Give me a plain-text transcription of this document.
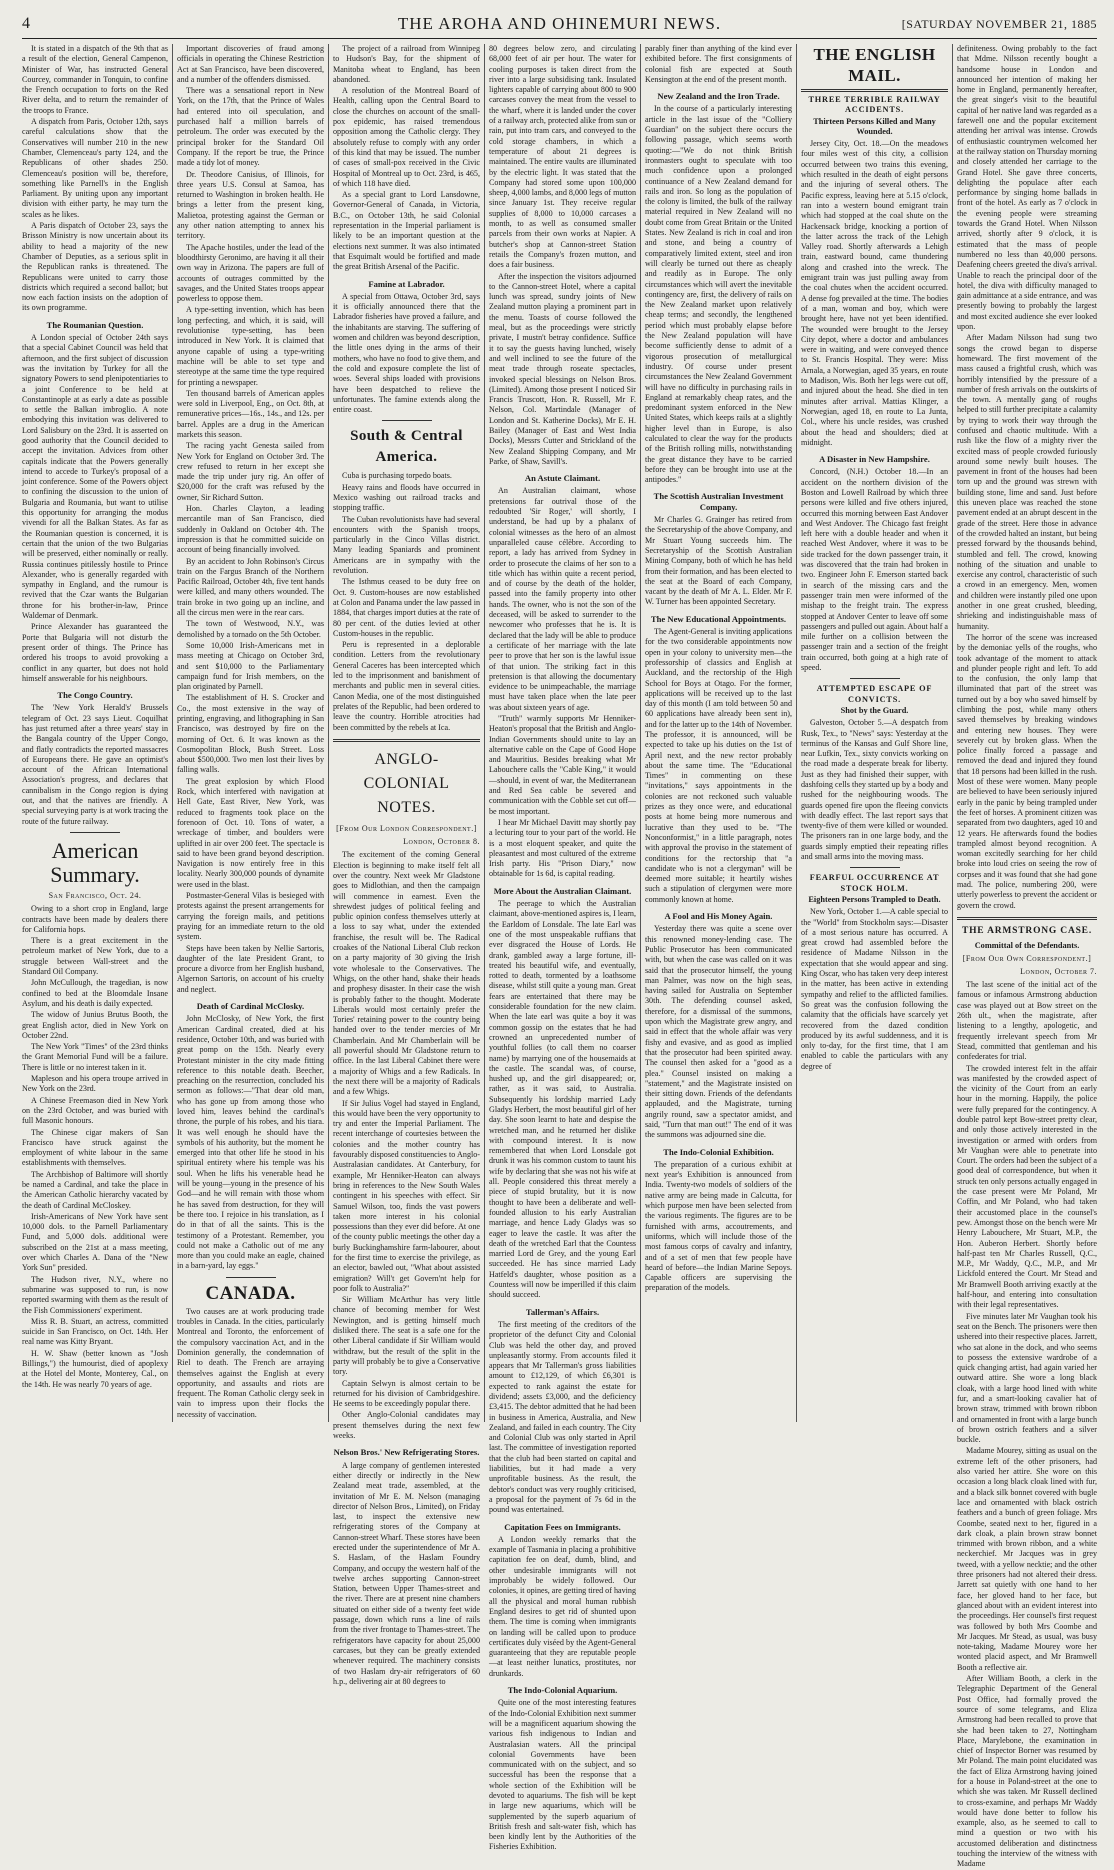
4	THE AROHA AND OHINEMURI NEWS.	[SATURDAY NOVEMBER 21, 1885

It is stated in a dispatch of the 9th that as a result of the election, General Campenon, Minister of War, has instructed General Courcey, commander in Tonquin, to confine the French occupation to forts on the Red River delta, and to return the remainder of the troops to France.

A dispatch from Paris, October 12th, says careful calculations show that the Conservatives will number 210 in the new Chamber, Clemenceau's party 124, and the Republicans of other shades 250. Clemenceau's position will be, therefore, something like Parnell's in the English Parliament. By uniting upon any important division with either party, he may turn the scales as he likes.

A Paris dispatch of October 23, says the Brisson Ministry is now uncertain about its ability to head a majority of the new Chamber of Deputies, as a serious split in the Republican ranks is threatened. The Republicans were united to carry those districts which required a second ballot; but now each faction insists on the adoption of its own programme.

The Roumanian Question.

A London special of October 24th says that a special Cabinet Council was held that afternoon, and the first subject of discussion was the invitation by Turkey for all the signatory Powers to send plenipotentiaries to a joint Conference to be held at Constantinople at as early a date as possible to settle the Balkan imbroglio. A note embodying this invitation was delivered to Lord Salisbury on the 23rd. It is asserted on good authority that the Council decided to accept the invitation. Advices from other capitals indicate that the Powers generally intend to accede to Turkey's proposal of a joint conference. Some of the Powers object to confining the discussion to the union of Bulgaria and Roumania, but want to utilise this opportunity for arranging the modus vivendi for all the Balkan States. As far as the Roumanian question is concerned, it is certain that the union of the two Bulgarias will be preserved, either nominally or really. Russia continues pitilessly hostile to Prince Alexander, who is generally regarded with sympathy in England, and the rumour is revived that the Czar wants the Bulgarian throne for his brother-in-law, Prince Waldemar of Denmark.

Prince Alexander has guaranteed the Porte that Bulgaria will not disturb the present order of things. The Prince has ordered his troops to avoid provoking a conflict in any quarter, but does not hold himself answerable for his neighbours.

The Congo Country.

The 'New York Herald's' Brussels telegram of Oct. 23 says Lieut. Coquilhat has just returned after a three years' stay in the Bangala country of the Upper Congo, and flatly contradicts the reported massacres of Europeans there. He gave an optimist's account of the African International Association's progress, and declares that cannibalism in the Congo region is dying out, and that the natives are friendly. A special surveying party is at work tracing the route of the future railway.

American Summary.
San Francisco, Oct. 24.

Owing to a short crop in England, large contracts have been made by dealers there for California hops.

There is a great excitement in the petroleum market of New York, due to a struggle between Wall-street and the Standard Oil Company.

John McCullough, the tragedian, is now confined to bed at the Bloomdale Insane Asylum, and his death is daily expected.

The widow of Junius Brutus Booth, the great English actor, died in New York on October 22nd.

The New York "Times" of the 23rd thinks the Grant Memorial Fund will be a failure. There is little or no interest taken in it.

Mapleson and his opera troupe arrived in New York on the 23rd.

A Chinese Freemason died in New York on the 23rd October, and was buried with full Masonic honours.

The Chinese cigar makers of San Francisco have struck against the employment of white labour in the same establishments with themselves.

The Archbishop of Baltimore will shortly be named a Cardinal, and take the place in the American Catholic hierarchy vacated by the death of Cardinal McCloskey.

Irish-Americans of New York have sent 10,000 dols. to the Parnell Parliamentary Fund, and 5,000 dols. additional were subscribed on the 21st at a mass meeting, over which Charles A. Dana of the "New York Sun" presided.

The Hudson river, N.Y., where no submarine was supposed to run, is now reported swarming with them as the result of the Fish Commissioners' experiment.

Miss R. B. Stuart, an actress, committed suicide in San Francisco, on Oct. 14th. Her real name was Kitty Bryant.

H. W. Shaw (better known as "Josh Billings,") the humourist, died of apoplexy at the Hotel del Monte, Monterey, Cal., on the 14th. He was nearly 70 years of age.

Important discoveries of fraud among officials in operating the Chinese Restriction Act at San Francisco, have been discovered, and a number of the offenders dismissed.

There was a sensational report in New York, on the 17th, that the Prince of Wales had entered into oil speculation, and purchased half a million barrels of petroleum. The order was executed by the principal broker for the Standard Oil Company. If the report be true, the Prince made a tidy lot of money.

Dr. Theodore Canisius, of Illinois, for three years U.S. Consul at Samoa, has returned to Washington in broken health. He brings a letter from the present king, Malietoa, protesting against the German or any other nation attempting to annex his territory.

The Apache hostiles, under the lead of the bloodthirsty Geronimo, are having it all their own way in Arizona. The papers are full of accounts of outrages committed by the savages, and the United States troops appear powerless to oppose them.

A type-setting invention, which has been long perfecting, and which, it is said, will revolutionise type-setting, has been introduced in New York. It is claimed that anyone capable of using a type-writing machine will be able to set type and stereotype at the same time the type required for printing a newspaper.

Ten thousand barrels of American apples were sold in Liverpool, Eng., on Oct. 8th, at remunerative prices—16s., 14s., and 12s. per barrel. Apples are a drug in the American markets this season.

The racing yacht Genesta sailed from New York for England on October 3rd. The crew refused to return in her except she made the trip under jury rig. An offer of $20,000 for the craft was refused by the owner, Sir Richard Sutton.

Hon. Charles Clayton, a leading mercantile man of San Francisco, died suddenly in Oakland on October 4th. The impression is that he committed suicide on account of being financially involved.

By an accident to John Robinson's Circus train on the Fargus Branch of the Northern Pacific Railroad, October 4th, five tent hands were killed, and many others wounded. The train broke in two going up an incline, and all the circus men were in the rear cars.

The town of Westwood, N.Y., was demolished by a tornado on the 5th October.

Some 10,000 Irish-Americans met in mass meeting at Chicago on October 3rd, and sent $10,000 to the Parliamentary campaign fund for Irish members, on the plan originated by Parnell.

The establishment of H. S. Crocker and Co., the most extensive in the way of printing, engraving, and lithographing in San Francisco, was destroyed by fire on the morning of Oct. 6. It was known as the Cosmopolitan Block, Bush Street. Loss about $500,000. Two men lost their lives by falling walls.

The great explosion by which Flood Rock, which interfered with navigation at Hell Gate, East River, New York, was reduced to fragments took place on the forenoon of Oct. 10. Tons of water, a wreckage of timber, and boulders were uplifted in air over 200 feet. The spectacle is said to have been grand beyond description. Navigation is now entirely free in this locality. Nearly 300,000 pounds of dynamite were used in the blast.

Postmaster-General Vilas is besieged with protests against the present arrangements for carrying the foreign mails, and petitions praying for an immediate return to the old system.

Steps have been taken by Nellie Sartoris, daughter of the late President Grant, to procure a divorce from her English husband, Algernon Sartoris, on account of his cruelty and neglect.

Death of Cardinal McClosky.

John McClosky, of New York, the first American Cardinal created, died at his residence, October 10th, and was buried with great pomp on the 15th. Nearly every Protestant minister in the city made fitting reference to this notable death. Beecher, preaching on the resurrection, concluded his sermon as follows:—"That dear old man, who has gone up from among those who loved him, leaves behind the cardinal's throne, the purple of his robes, and his tiara. It was well enough he should have the symbols of his authority, but the moment he emerged into that other life he stood in his spiritual entirety where his temple was his soul. When he lifts his venerable head he will be young—young in the presence of his God—and he will remain with those whom he has saved from destruction, for they will be there too. I rejoice in his translation, as I do in that of all the saints. This is the testimony of a Protestant. Remember, you could not make a Catholic out of me any more than you could make an eagle, chained in a barn-yard, lay eggs."

CANADA.

Two causes are at work producing trade troubles in Canada. In the cities, particularly Montreal and Toronto, the enforcement of the compulsory vaccination Act, and in the Dominion generally, the condemnation of Riel to death. The French are arraying themselves against the English at every opportunity, and assaults and riots are frequent. The Roman Catholic clergy seek in vain to impress upon their flocks the necessity of vaccination.

The project of a railroad from Winnipeg to Hudson's Bay, for the shipment of Manitoba wheat to England, has been abandoned.

A resolution of the Montreal Board of Health, calling upon the Central Board to close the churches on account of the small-pox epidemic, has raised tremendous opposition among the Catholic clergy. They absolutely refuse to comply with any order of this kind that may be issued. The number of cases of small-pox received in the Civic Hospital of Montreal up to Oct. 23rd, is 465, of which 118 have died.

As a special grant to Lord Lansdowne, Governor-General of Canada, in Victoria, B.C., on October 13th, he said Colonial representation in the Imperial parliament is likely to be an important question at the elections next summer. It was also intimated that Esquimalt would be fortified and made the great British Arsenal of the Pacific.

Famine at Labrador.

A special from Ottawa, October 3rd, says it is officially announced there that the Labrador fisheries have proved a failure, and the inhabitants are starving. The suffering of women and children was beyond description, the little ones dying in the arms of their mothers, who have no food to give them, and the cold and exposure complete the list of woes. Several ships loaded with provisions have been despatched to relieve the unfortunates. The famine extends along the entire coast.

South & Central America.

Cuba is purchasing torpedo boats.

Heavy rains and floods have occurred in Mexico washing out railroad tracks and stopping traffic.

The Cuban revolutionists have had several encounters with the Spanish troops, particularly in the Cinco Villas district. Many leading Spaniards and prominent Americans are in sympathy with the revolution.

The Isthmus ceased to be duty free on Oct. 9. Custom-houses are now established at Colon and Panama under the law passed in 1884, that charges import duties at the rate of 80 per cent. of the duties levied at other Custom-houses in the republic.

Peru is represented in a deplorable condition. Letters from the revolutionary General Caceres has been intercepted which led to the imprisonment and banishment of merchants and public men in several cities. Canon Media, one of the most distinguished prelates of the Republic, had been ordered to leave the country. Horrible atrocities had been committed by the rebels at Ica.

ANGLO-COLONIAL NOTES.
[From Our London Correspondent.]
London, October 8.

The excitement of the coming General Election is beginning to make itself felt all over the country. Next week Mr Gladstone goes to Midlothian, and then the campaign will commence in earnest. Even the shrewdest judges of political feeling and public opinion confess themselves utterly at a loss to say what, under the extended franchise, the result will be. The Radical croakes of the National Liberal Club reckon on a party majority of 30 giving the Irish vote wholesale to the Conservatives. The Whigs, on the other hand, shake their heads and prophesy disaster. In their case the wish is probably father to the thought. Moderate Liberals would most certainly prefer the Tories' retaining power to the country being handed over to the tender mercies of Mr Chamberlain. And Mr Chamberlain will be all powerful should Mr Gladstone return to office. In the last Liberal Cabinet there were a majority of Whigs and a few Radicals. In the next there will be a majority of Radicals and a few Whigs.

If Sir Julius Vogel had stayed in England, this would have been the very opportunity to try and enter the Imperial Parliament. The recent interchange of courtesies between the colonies and the mother country has favourably disposed constituencies to Anglo-Australasian candidates. At Canterbury, for example, Mr Henniker-Heaton can always bring in references to the New South Wales contingent in his speeches with effect. Sir Samuel Wilson, too, finds the vast powers taken more interest in his colonial possessions than they ever did before. At one of the county public meetings the other day a burly Buckinghamshire farm-labourer, about for the first time to exercise the privilege, as an elector, bawled out, "What about assisted emigration? Will't get Govern'nt help for poor folk to Australia?"

Sir William McArthur has very little chance of becoming member for West Newington, and is getting himself much disliked there. The seat is a safe one for the other Liberal candidate if Sir William would withdraw, but the result of the split in the party will probably be to give a Conservative tory.

Captain Selwyn is almost certain to be returned for his division of Cambridgeshire. He seems to be exceedingly popular there.

Other Anglo-Colonial candidates may present themselves during the next few weeks.

Nelson Bros.' New Refrigerating Stores.

A large company of gentlemen interested either directly or indirectly in the New Zealand meat trade, assembled, at the invitation of Mr E. M. Nelson (managing director of Nelson Bros., Limited), on Friday last, to inspect the extensive new refrigerating stores of the Company at Cannon-street Wharf. These stores have been erected under the superintendence of Mr A. S. Haslam, of the Haslam Foundry Company, and occupy the western half of the twelve arches supporting Cannon-street Station, between Upper Thames-street and the river. There are at present nine chambers situated on either side of a twenty feet wide passage, down which runs a line of rails from the river frontage to Thames-street. The refrigerators have capacity for about 25,000 carcases, but they can be greatly extended whenever required. The machinery consists of two Haslam dry-air refrigerators of 60 h.p., delivering air at 80 degrees to

80 degrees below zero, and circulating 68,000 feet of air per hour. The water for cooling purposes is taken direct from the river into a large subsidising tank. Insulated lighters capable of carrying about 800 to 900 carcases convey the meat from the vessel to the wharf, where it is landed under the cover of a railway arch, protected alike from sun or rain, put into tram cars, and conveyed to the cold storage chambers, in which a temperature of about 21 degrees is maintained. The entire vaults are illuminated by the electric light. It was stated that the Company had stored some upon 100,000 sheep, 4,000 lambs, and 8,000 legs of mutton since January 1st. They receive regular supplies of 8,000 to 10,000 carcases a month, to as well as consumed smaller parcels from their own works at Napier. A butcher's shop at Cannon-street Station retails the Company's frozen mutton, and does a fair business.

After the inspection the visitors adjourned to the Cannon-street Hotel, where a capital lunch was spread, sundry joints of New Zealand mutton playing a prominent part in the menu. Toasts of course followed the meal, but as the proceedings were strictly private, I mustn't betray confidence. Suffice it to say the guests having lunched, wisely and well inclined to see the future of the meat trade through roseate spectacles, invoked special blessings on Nelson Bros. (Limited). Among those present I noticed Sir Francis Truscott, Hon. R. Russell, Mr F. Nelson, Col. Martindale (Manager of London and St. Katherine Docks), Mr E. H. Bailey (Manager of East and West India Docks), Messrs Cutter and Strickland of the New Zealand Shipping Company, and Mr Parke, of Shaw, Savill's.

An Astute Claimant.

An Australian claimant, whose pretensions far outrival those of the redoubted 'Sir Roger,' will shortly, I understand, be had up by a phalanx of colonial witnesses as the hero of an almost unparalleled cause célèbre. According to report, a lady has arrived from Sydney in order to prosecute the claims of her son to a title which has within quite a recent period, and of course by the death of the holder, passed into the family property into other hands. The owner, who is not the son of the deceased, will be asked to surrender to the newcomer who professes that he is. It is declared that the lady will be able to produce a certificate of her marriage with the late peer to prove that her son is the lawful issue of that union. The striking fact in this pretension is that allowing the documentary evidence to be unimpeachable, the marriage must have taken place when the late peer was about sixteen years of age.

"Truth" warmly supports Mr Henniker-Heaton's proposal that the British and Anglo-Indian Governments should unite to lay an alternative cable on the Cape of Good Hope and Mauritius. Besides breaking what Mr Labouchere calls the "Cable King," it would—should, in event of war, the Mediterranean and Red Sea cable be severed and communication with the Cobble set cut off—be most important.

I hear Mr Michael Davitt may shortly pay a lecturing tour to your part of the world. He is a most eloquent speaker, and quite the pleasantest and most cultured of the extreme Irish party. His "Prison Diary," now obtainable for 1s 6d, is capital reading.

More About the Australian Claimant.

The peerage to which the Australian claimant, above-mentioned aspires is, I learn, the Earldom of Lonsdale. The late Earl was one of the most unspeakable ruffians that ever disgraced the House of Lords. He drank, gambled away a large fortune, ill-treated his beautiful wife, and eventually, rotted to death, tormented by a loathsome disease, whilst still quite a young man. Great fears are entertained that there may be considerable foundation for the new claim. When the late earl was quite a boy it was common gossip on the estates that he had crowned an unprecedented number of youthful follies (to call them no coarser name) by marrying one of the housemaids at the castle. The scandal was, of course, hushed up, and the girl disappeared; or, rather, as it was said, to Australia. Subsequently his lordship married Lady Gladys Herbert, the most beautiful girl of her day. She soon learnt to hate and despise the wretched man, and he returned her dislike with compound interest. It is now remembered that when Lord Lonsdale got drunk it was his common custom to taunt his wife by declaring that she was not his wife at all. People considered this threat merely a piece of stupid brutality, but it is now thought to have been a deliberate and well-founded allusion to his early Australian marriage, and hence Lady Gladys was so eager to leave the castle. It was after the death of the wretched Earl that the Countess married Lord de Grey, and the young Earl succeeded. He has since married Lady Hatfeld's daughter, whose position as a Countess will now be imperilled if this claim should succeed.

Tallerman's Affairs.

The first meeting of the creditors of the proprietor of the defunct City and Colonial Club was held the other day, and proved unpleasantly stormy. From accounts filed it appears that Mr Tallerman's gross liabilities amount to £12,129, of which £6,301 is expected to rank against the estate for dividend; assets £3,000, and the deficiency £3,415. The debtor admitted that he had been in business in America, Australia, and New Zealand, and failed in each country. The City and Colonial Club was only started in April last. The committee of investigation reported that the club had been started on capital and liabilities, but it had made a very unprofitable business. As the result, the debtor's conduct was very roughly criticised, a proposal for the payment of 7s 6d in the pound was entertained.

Capitation Fees on Immigrants.

A London weekly remarks that the example of Tasmania in placing a prohibitive capitation fee on deaf, dumb, blind, and other undesirable immigrants will not improbably be widely followed. Our colonies, it opines, are getting tired of having all the physical and moral human rubbish England desires to get rid of shunted upon them. The time is coming when immigrants on landing will be called upon to produce certificates duly viséed by the Agent-General guaranteeing that they are reputable people—at least neither lunatics, prostitutes, nor drunkards.

The Indo-Colonial Aquarium.

Quite one of the most interesting features of the Indo-Colonial Exhibition next summer will be a magnificent aquarium showing the various fish indigenous to Indian and Australasian waters. All the principal colonial Governments have been communicated with on the subject, and so successful has been the response that a whole section of the Exhibition will be devoted to aquariums. The fish will be kept in large new aquariums, which will be supplemented by the superb aquarium of British fresh and salt-water fish, which has been kindly lent by the Authorities of the Fisheries Exhibition.

parably finer than anything of the kind ever exhibited before. The first consignments of colonial fish are expected at South Kensington at the end of the present month.

New Zealand and the Iron Trade.

In the course of a particularly interesting article in the last issue of the "Colliery Guardian" on the subject there occurs the following passage, which seems worth quoting:—"We do not think British ironmasters ought to speculate with too much confidence upon a prolonged continuance of a New Zealand demand for rails and iron. So long as the population of the colony is limited, the bulk of the railway material required in New Zealand will no doubt come from Great Britain or the United States. New Zealand is rich in coal and iron and stone, and being a country of comparatively limited extent, steel and iron will clearly be turned out there as cheaply and readily as in Europe. The only circumstances which will avert the inevitable contingency are, first, the delivery of rails on the New Zealand market upon relatively cheap terms; and secondly, the lengthened period which must probably elapse before the New Zealand population will have become sufficiently dense to admit of a vigorous prosecution of metallurgical industry. Of course under present circumstances the New Zealand Government will have no difficulty in purchasing rails in England at remarkably cheap rates, and the predominant system enforced in the New United States, which keeps rails at a slightly higher level than in Europe, is also calculated to clear the way for the products of the British rolling mills, notwithstanding the great distance they have to be carried before they can be brought into use at the antipodes."

The Scottish Australian Investment Company.

Mr Charles G. Grainger has retired from the Secretaryship of the above Company, and Mr Stuart Young succeeds him. The Secretaryship of the Scottish Australian Mining Company, both of which he has held from their formation, and has been elected to the seat at the Board of each Company, vacant by the death of Mr A. L. Elder. Mr F. W. Turner has been appointed Secretary.

The New Educational Appointments.

The Agent-General is inviting applications for the two considerable appointments now open in your colony to university men—the professorship of classics and English at Auckland, and the rectorship of the High School for Boys at Otago. For the former, applications will be received up to the last day of this month (I am told between 50 and 60 applications have already been sent in), and for the latter up to the 14th of November. The professor, it is announced, will be expected to take up his duties on the 1st of April next, and the new rector probably about the same time. The "Educational Times" in commenting on these "invitations," says appointments in the colonies are not reckoned such valuable prizes as they once were, and educational posts at home being more numerous and lucrative than they used to be. "The Nonconformist," in a little paragraph, notes with approval the proviso in the statement of conditions for the rectorship that "a candidate who is not a clergyman" will be deemed more suitable; it heartily wishes such a stipulation of clergymen were more commonly known at home.

A Fool and His Money Again.

Yesterday there was quite a scene over this renowned money-lending case. The Public Prosecutor has been communicated with, but when the case was called on it was said that the prosecutor himself, the young man Palmer, was now on the high seas, having sailed for Australia on September 30th. The defending counsel asked, therefore, for a dismissal of the summons, upon which the Magistrate grew angry, and said in effect that the whole affair was very fishy and evasive, and as good as implied that the prosecutor had been spirited away. The counsel then asked for a "good as a plea." Counsel insisted on making a "statement," and the Magistrate insisted on their sitting down. Friends of the defendants applauded, and the Magistrate, turning angrily round, saw a spectator amidst, and said, "Turn that man out!" The end of it was the summons was adjourned sine die.

The Indo-Colonial Exhibition.

The preparation of a curious exhibit at next year's Exhibition is announced from India. Twenty-two models of soldiers of the native army are being made in Calcutta, for which purpose men have been selected from the various regiments. The figures are to be furnished with arms, accoutrements, and uniforms, which will include those of the most famous corps of cavalry and infantry, and of a set of men that few people have heard of before—the Indian Marine Sepoys. Capable officers are supervising the preparation of the models.

THE ENGLISH MAIL.
THREE TERRIBLE RAILWAY ACCIDENTS.
Thirteen Persons Killed and Many Wounded.

Jersey City, Oct. 18.—On the meadows four miles west of this city, a collision occurred between two trains this evening, which resulted in the death of eight persons and the injuring of several others. The Pacific express, leaving here at 5.15 o'clock, ran into a western bound emigrant train which had stopped at the coal shute on the Hackensack bridge, knocking a portion of the latter across the track of the Lehigh Valley road. Shortly afterwards a Lehigh train, eastward bound, came thundering along and crashed into the wreck. The emigrant train was just pulling away from the coal chutes when the accident occurred. A dense fog prevailed at the time. The bodies of a man, woman and boy, which were brought here, have not yet been identified. The wounded were brought to the Jersey City depot, where a doctor and ambulances were in waiting, and were conveyed thence to St. Francis Hospital. They were: Miss Arnala, a Norwegian, aged 35 years, en route to Madison, Wis. Both her legs were cut off, and injured about the head. She died in ten minutes after arrival. Mattias Klinger, a Norwegian, aged 18, en route to La Junta, Col., where his uncle resides, was crushed about the head and shoulders; died at midnight.

A Disaster in New Hampshire.

Concord, (N.H.) October 18.—In an accident on the northern division of the Boston and Lowell Railroad by which three persons were killed and five others injured, occurred this morning between East Andover and West Andover. The Chicago fast freight left here with a double header and when it reached West Andover, where it was to be side tracked for the down passenger train, it was discovered that the train had broken in two. Engineer John F. Emerson started back in search of the missing cars and the passenger train men were informed of the mishap to the freight train. The express stopped at Andover Center to leave off some passengers and pulled out again. About half a mile further on a collision between the passenger train and a section of the freight train occurred, both going at a high rate of speed.

ATTEMPTED ESCAPE OF CONVICTS.
Shot by the Guard.

Galveston, October 5.—A despatch from Rusk, Tex., to "News" says: Yesterday at the terminus of the Kansas and Gulf Shore line, near Lufkin, Tex., sixty convicts working on the road made a desperate break for liberty. Just as they had finished their supper, with dashfoing cells they started up by a body and rushed for the neighbouring woods. The guards opened fire upon the fleeing convicts with deadly effect. The last report says that twenty-five of them were killed or wounded. The prisoners ran in one large body, and the guards simply emptied their repeating rifles and small arms into the moving mass.

FEARFUL OCCURRENCE AT STOCK HOLM.
Eighteen Persons Trampled to Death.

New York, October 1.—A cable special to the "World" from Stockholm says:—Disaster of a most serious nature has occurred. A great crowd had assembled before the residence of Madame Nilsson in the expectation that she would appear and sing. King Oscar, who has taken very deep interest in the matter, has been active in extending sympathy and relief to the afflicted families. So great was the confusion following the calamity that the officials have scarcely yet recovered from the dazed condition produced by its awful suddenness, and it is only to-day, for the first time, that I am enabled to cable the particulars with any degree of

definiteness. Owing probably to the fact that Mdme. Nilsson recently bought a handsome house in London and announced her intention of making her home in England, permanently hereafter, the great singer's visit to the beautiful capital of her native land was regarded as a farewell one and the popular excitement attending her arrival was intense. Crowds of enthusiastic countrymen welcomed her at the railway station on Thursday morning and closely attended her carriage to the Grand Hotel. She gave three concerts, delighting the populace after each performance by singing home ballads in front of the hotel. As early as 7 o'clock in the evening people were streaming towards the Grand Hotel. When Nilsson arrived, shortly after 9 o'clock, it is estimated that the mass of people numbered no less than 40,000 persons. Deafening cheers greeted the diva's arrival. Unable to reach the principal door of the hotel, the diva with difficulty managed to gain admittance at a side entrance, and was presently bowing to probably the largest and most excited audience she ever looked upon.

After Madam Nilsson had sung two songs the crowd began to disperse homeward. The first movement of the mass caused a frightful crush, which was horribly intensified by the pressure of a number of fresh arrivals on the outskirts of the town. A mentally gang of roughs helped to still further precipitate a calamity by trying to work their way through the confused and chaotic multitude. With a rush like the flow of a mighty river the excited mass of people crowded furiously around some newly built houses. The pavement in front of the houses had been torn up and the ground was strewn with building stone, lime and sand. Just before this uneven place was reached the stone pavement ended at an abrupt descent in the grade of the street. Here those in advance of the crowded halted an instant, but being pressed forward by the thousands behind, stumbled and fell. The crowd, knowing nothing of the situation and unable to exercise any control, characteristic of such a crowd in an emergency. Men, women and children were instantly piled one upon another in one great crushed, bleeding, shrieking and indistinguishable mass of humanity.

The horror of the scene was increased by the demoniac yells of the roughs, who took advantage of the moment to attack and plunder people right and left. To add to the confusion, the only lamp that illuminated that part of the street was turned out by a boy who saved himself by climbing the post, while many others saved themselves by breaking windows and entering new houses. They were severely cut by broken glass. When the police finally forced a passage and removed the dead and injured they found that 18 persons had been killed in the rush. Most of these were women. Many people are believed to have been seriously injured early in the panic by being trampled under the feet of horses. A prominent citizen was separated from two daughters, aged 10 and 12 years. He afterwards found the bodies trampled almost beyond recognition. A woman excitedly searching for her child broke into loud cries on seeing the row of corpses and it was found that she had gone mad. The police, numbering 200, were utterly powerless to prevent the accident or govern the crowd.

THE ARMSTRONG CASE.
Committal of the Defendants.
[From Our Own Correspondent.]
London, October 7.

The last scene of the initial act of the famous or infamous Armstrong abduction case was played out at Bow street on the 26th ult., when the magistrate, after listening to a lengthy, apologetic, and frequently irrelevant speech from Mr Stead, committed that gentleman and his confederates for trial.

The crowded interest felt in the affair was manifested by the crowded aspect of the vicinity of the Court from an early hour in the morning. Happily, the police were fully prepared for the contingency. A double patrol kept Bow-street pretty clear, and only those actively interested in the investigation or armed with orders from Mr Vaughan were able to penetrate into Court. The orders had been the subject of a good deal of correspondence, but when it struck ten only persons actually engaged in the case present were Mr Poland, Mr Coffin, and Mr Poland, who had taken their accustomed place in the counsel's pew. Amongst those on the bench were Mr Henry Labouchere, Mr Stuart, M.P., the Hon. Auberon Herbert. Shortly before half-past ten Mr Charles Russell, Q.C., M.P., Mr Waddy, Q.C., M.P., and Mr Lickfold entered the Court. Mr Stead and Mr Bramwell Booth arriving exactly at the half-hour, and entering into consultation with their legal representatives.

Five minutes later Mr Vaughan took his seat on the Bench. The prisoners were then ushered into their respective places. Jarrett, who sat alone in the dock, and who seems to possess the extensive wardrobe of a quick changing artist, had again varied her outward attire. She wore a long black cloak, with a large hood lined with white fur, and a smart-looking cavalier hat of brown straw, trimmed with brown ribbon and ornamented in front with a large bunch of brown ostrich feathers and a silver buckle.

Madame Mourey, sitting as usual on the extreme left of the other prisoners, had also varied her attire. She wore on this occasion a long black cloak lined with fur, and a black silk bonnet covered with bugle lace and ornamented with black ostrich feathers and a bunch of green foliage. Mrs Coombe, seated next to her, figured in a dark cloak, a plain brown straw bonnet trimmed with brown ribbon, and a white neckerchief. Mr Jacques was in grey tweed, with a yellow necktie; and the other three prisoners had not altered their dress. Jarrett sat quietly with one hand to her face, her gloved hand to her face, but glanced about with an evident interest into the proceedings. Her counsel's first request was followed by both Mrs Coombe and Mr Jacques. Mr Stead, as usual, was busy note-taking, Madame Mourey wore her wonted placid aspect, and Mr Bramwell Booth a reflective air.

After William Booth, a clerk in the Telegraphic Department of the General Post Office, had formally proved the source of some telegrams, and Eliza Armstrong had been recalled to prove that she had been taken to 27, Nottingham Place, Marylebone, the examination in chief of Inspector Borner was resumed by Mr Poland. The main point elucidated was the fact of Eliza Armstrong having joined for a house in Poland-street at the one to which she was taken. Mr Russell declined to cross-examine, and perhaps Mr Waddy would have done better to follow his example, also, as he seemed to call to mind a question or two with his accustomed deliberation and distinctness touching the interview of the witness with Madame
